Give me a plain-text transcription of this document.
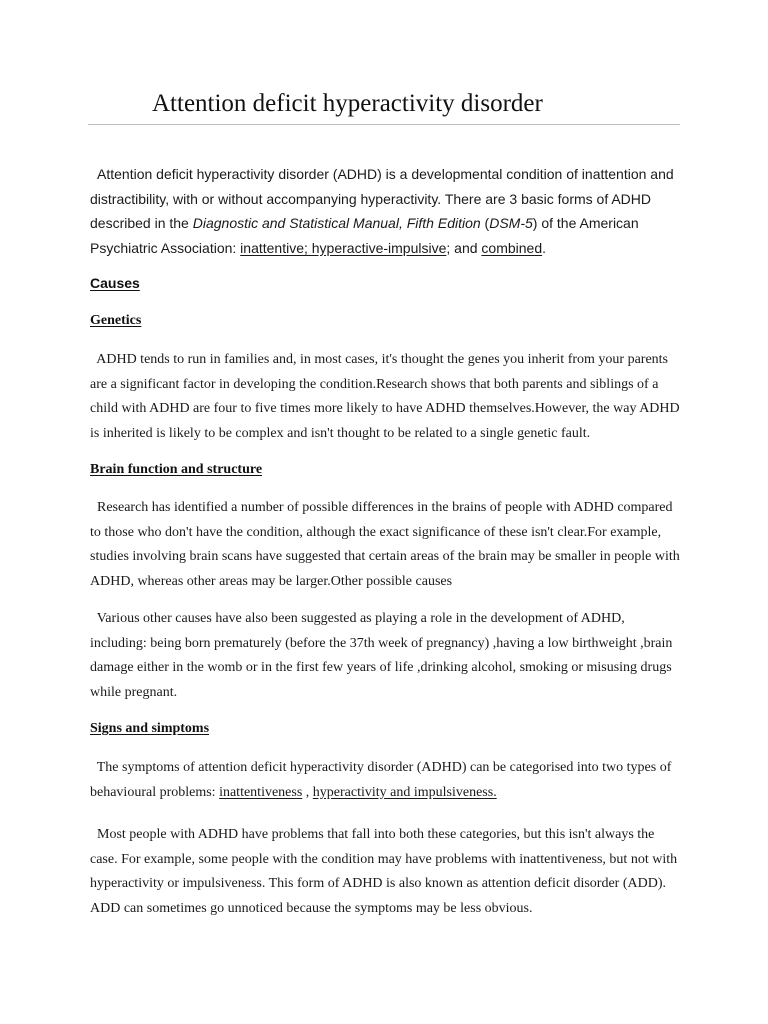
Attention deficit hyperactivity disorder

Attention deficit hyperactivity disorder (ADHD) is a developmental condition of inattention and distractibility, with or without accompanying hyperactivity. There are 3 basic forms of ADHD described in the Diagnostic and Statistical Manual, Fifth Edition (DSM-5) of the American Psychiatric Association: inattentive; hyperactive-impulsive; and combined.

Causes
Genetics

ADHD tends to run in families and, in most cases, it's thought the genes you inherit from your parents are a significant factor in developing the condition.Research shows that both parents and siblings of a child with ADHD are four to five times more likely to have ADHD themselves.However, the way ADHD is inherited is likely to be complex and isn't thought to be related to a single genetic fault.

Brain function and structure

Research has identified a number of possible differences in the brains of people with ADHD compared to those who don't have the condition, although the exact significance of these isn't clear.For example, studies involving brain scans have suggested that certain areas of the brain may be smaller in people with ADHD, whereas other areas may be larger.Other possible causes

Various other causes have also been suggested as playing a role in the development of ADHD, including: being born prematurely (before the 37th week of pregnancy) ,having a low birthweight ,brain damage either in the womb or in the first few years of life ,drinking alcohol, smoking or misusing drugs while pregnant.

Signs and simptoms

The symptoms of attention deficit hyperactivity disorder (ADHD) can be categorised into two types of behavioural problems: inattentiveness , hyperactivity and impulsiveness.

Most people with ADHD have problems that fall into both these categories, but this isn't always the case. For example, some people with the condition may have problems with inattentiveness, but not with hyperactivity or impulsiveness. This form of ADHD is also known as attention deficit disorder (ADD). ADD can sometimes go unnoticed because the symptoms may be less obvious.
